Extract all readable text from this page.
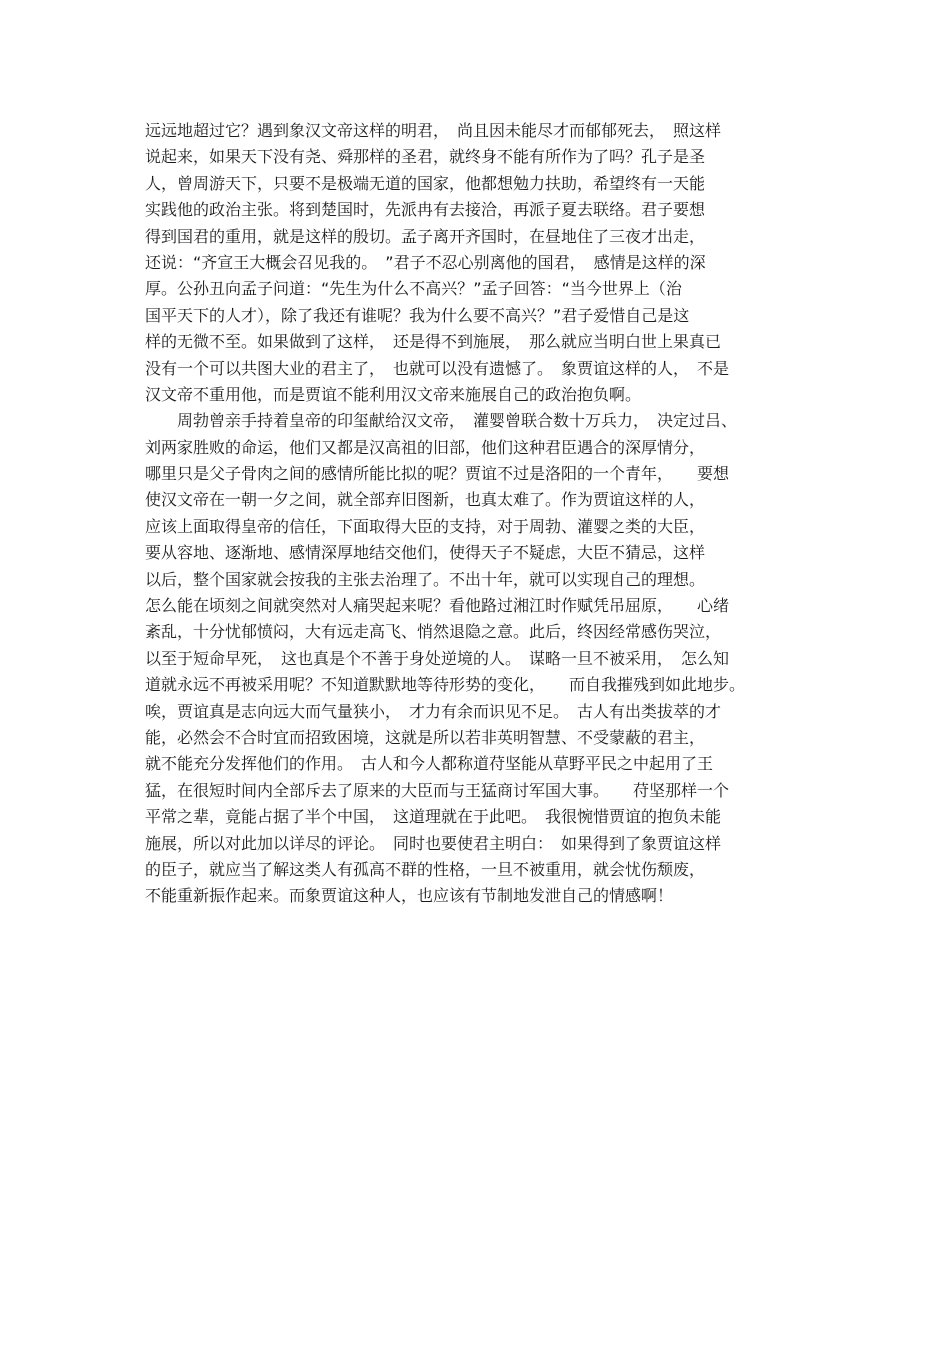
远远地超过它？遇到象汉文帝这样的明君，　尚且因未能尽才而郁郁死去，　照这样
说起来，如果天下没有尧、舜那样的圣君，就终身不能有所作为了吗？孔子是圣
人，曾周游天下，只要不是极端无道的国家，他都想勉力扶助，希望终有一天能
实践他的政治主张。将到楚国时，先派冉有去接洽，再派子夏去联络。君子要想
得到国君的重用，就是这样的殷切。孟子离开齐国时，在昼地住了三夜才出走，
还说：“齐宣王大概会召见我的。　”君子不忍心别离他的国君，　感情是这样的深
厚。公孙丑向孟子问道：“先生为什么不高兴？”孟子回答：“当今世界上（治
国平天下的人才），除了我还有谁呢？我为什么要不高兴？”君子爱惜自己是这
样的无微不至。如果做到了这样，　还是得不到施展，　那么就应当明白世上果真已
没有一个可以共图大业的君主了，　也就可以没有遗憾了。　象贾谊这样的人，　不是
汉文帝不重用他，而是贾谊不能利用汉文帝来施展自己的政治抱负啊。
周勃曾亲手持着皇帝的印玺献给汉文帝，　灌婴曾联合数十万兵力，　决定过吕、
刘两家胜败的命运，他们又都是汉高祖的旧部，他们这种君臣遇合的深厚情分，
哪里只是父子骨肉之间的感情所能比拟的呢？贾谊不过是洛阳的一个青年，　　要想
使汉文帝在一朝一夕之间，就全部弃旧图新，也真太难了。作为贾谊这样的人，
应该上面取得皇帝的信任，下面取得大臣的支持，对于周勃、灌婴之类的大臣，
要从容地、逐渐地、感情深厚地结交他们，使得天子不疑虑，大臣不猜忌，这样
以后，整个国家就会按我的主张去治理了。不出十年，就可以实现自己的理想。
怎么能在顷刻之间就突然对人痛哭起来呢？看他路过湘江时作赋凭吊屈原，　　心绪
紊乱，十分忧郁愤闷，大有远走高飞、悄然退隐之意。此后，终因经常感伤哭泣，
以至于短命早死，　这也真是个不善于身处逆境的人。　谋略一旦不被采用，　怎么知
道就永远不再被采用呢？不知道默默地等待形势的变化，　　而自我摧残到如此地步。
唉，贾谊真是志向远大而气量狭小，　才力有余而识见不足。　古人有出类拔萃的才
能，必然会不合时宜而招致困境，这就是所以若非英明智慧、不受蒙蔽的君主，
就不能充分发挥他们的作用。　古人和今人都称道苻坚能从草野平民之中起用了王
猛，在很短时间内全部斥去了原来的大臣而与王猛商讨军国大事。　　苻坚那样一个
平常之辈，竟能占据了半个中国，　这道理就在于此吧。　我很惋惜贾谊的抱负未能
施展，所以对此加以详尽的评论。　同时也要使君主明白：　如果得到了象贾谊这样
的臣子，就应当了解这类人有孤高不群的性格，一旦不被重用，就会忧伤颓废，
不能重新振作起来。而象贾谊这种人，也应该有节制地发泄自己的情感啊！
